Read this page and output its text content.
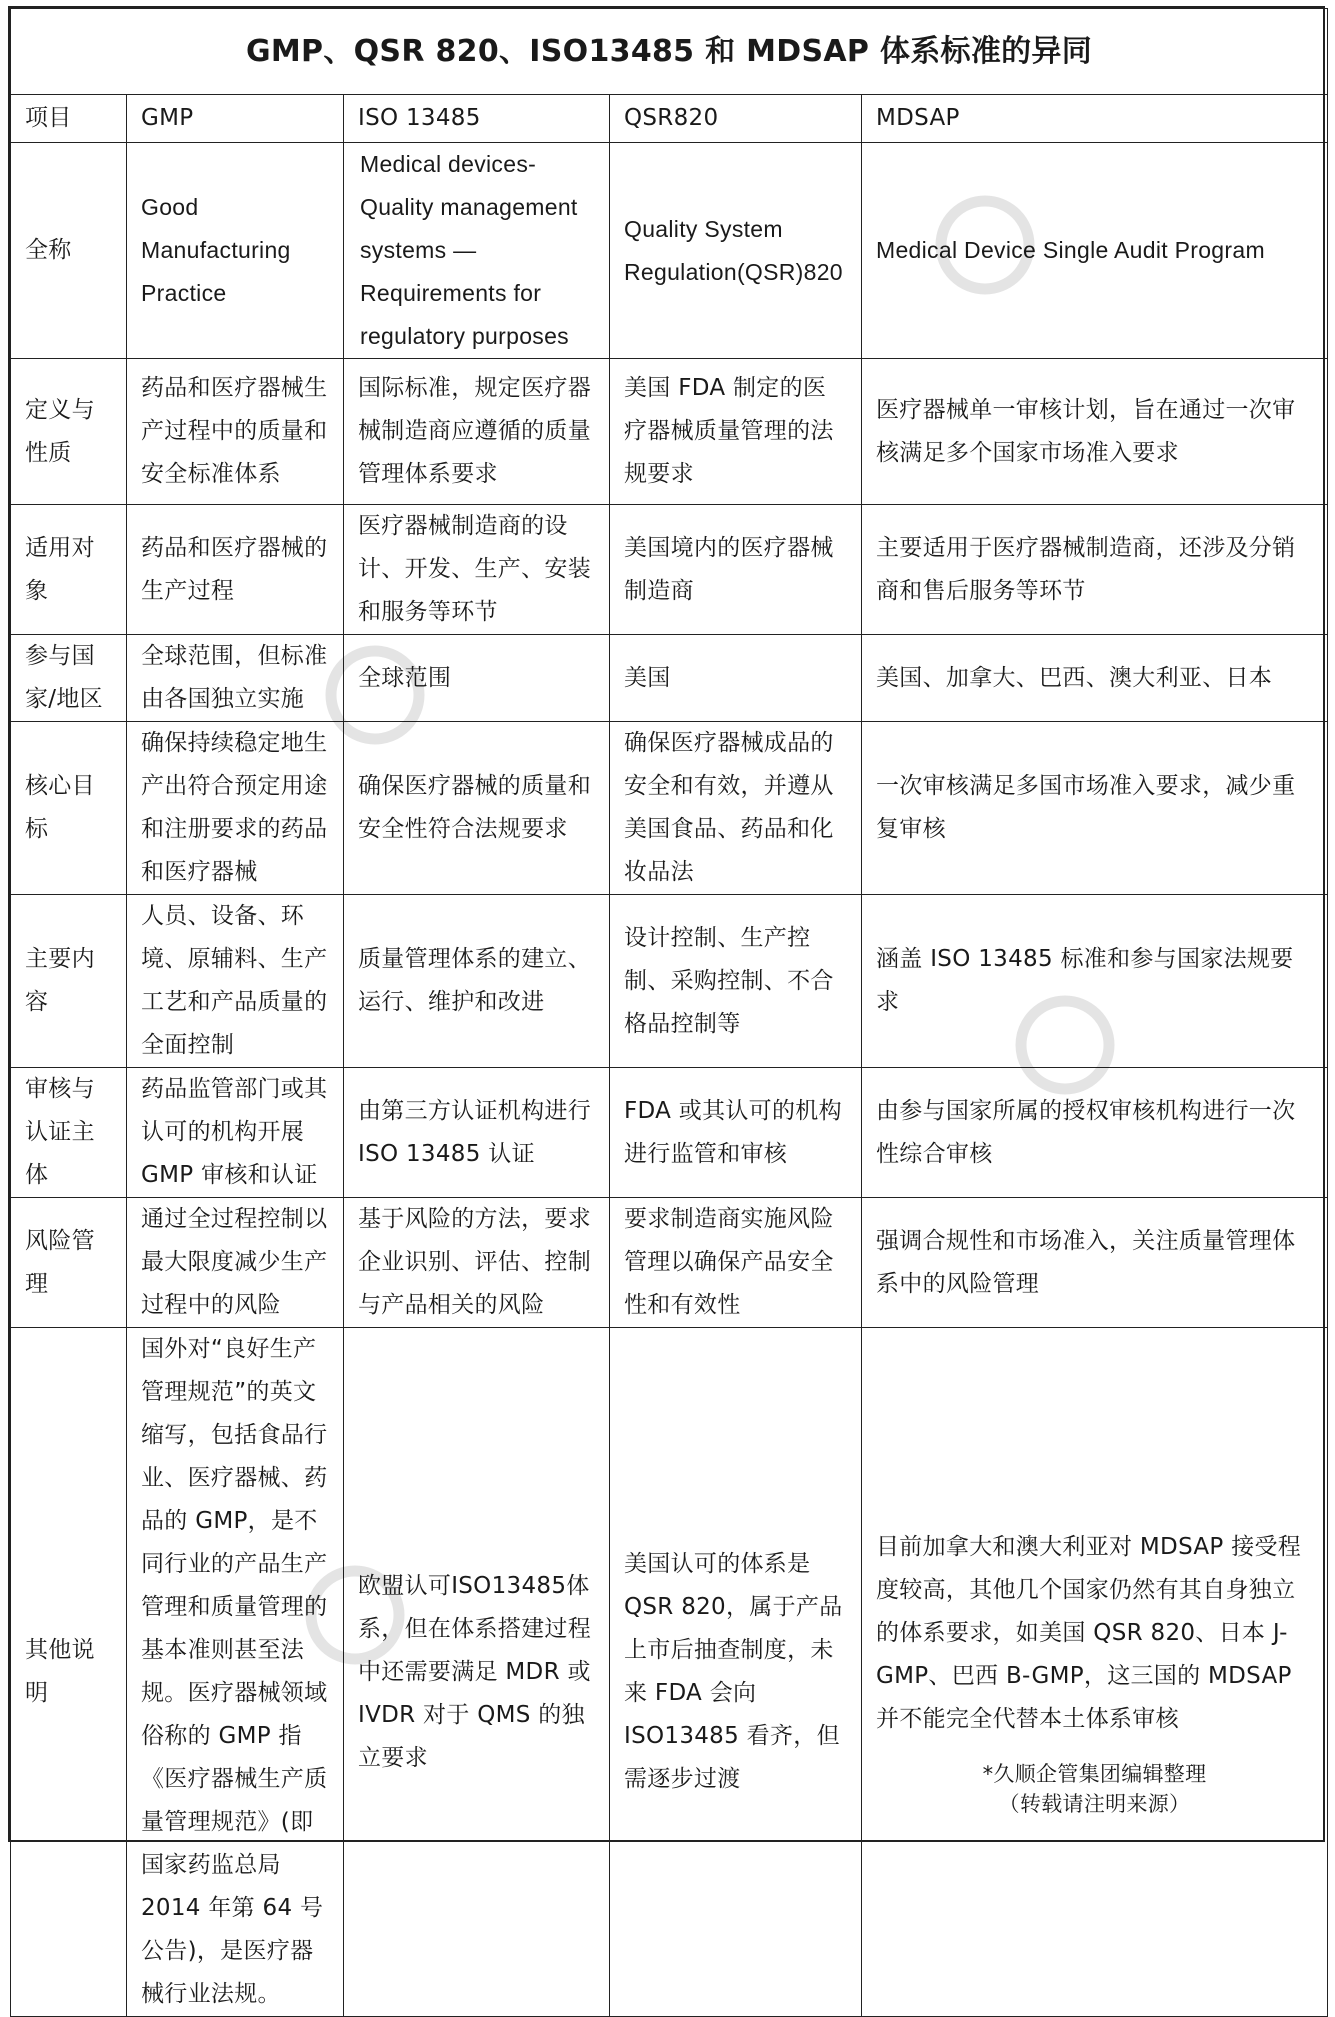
GMP、QSR 820、ISO13485 和 MDSAP 体系标准的异同				
项目	GMP	ISO 13485	QSR820	MDSAP
全称	Good Manufacturing Practice	Medical devices-Quality management systems —Requirements for regulatory purposes	Quality System Regulation(QSR)820	Medical Device Single Audit Program
定义与性质	药品和医疗器械生产过程中的质量和安全标准体系	国际标准，规定医疗器械制造商应遵循的质量管理体系要求	美国 FDA 制定的医疗器械质量管理的法规要求	医疗器械单一审核计划，旨在通过一次审核满足多个国家市场准入要求
适用对象	药品和医疗器械的生产过程	医疗器械制造商的设计、开发、生产、安装和服务等环节	美国境内的医疗器械制造商	主要适用于医疗器械制造商，还涉及分销商和售后服务等环节
参与国家/地区	全球范围，但标准由各国独立实施	全球范围	美国	美国、加拿大、巴西、澳大利亚、日本
核心目标	确保持续稳定地生产出符合预定用途和注册要求的药品和医疗器械	确保医疗器械的质量和安全性符合法规要求	确保医疗器械成品的安全和有效，并遵从美国食品、药品和化妆品法	一次审核满足多国市场准入要求，减少重复审核
主要内容	人员、设备、环境、原辅料、生产工艺和产品质量的全面控制	质量管理体系的建立、运行、维护和改进	设计控制、生产控制、采购控制、不合格品控制等	涵盖 ISO 13485 标准和参与国家法规要求
审核与认证主体	药品监管部门或其认可的机构开展 GMP 审核和认证	由第三方认证机构进行 ISO 13485 认证	FDA 或其认可的机构进行监管和审核	由参与国家所属的授权审核机构进行一次性综合审核
风险管理	通过全过程控制以最大限度减少生产过程中的风险	基于风险的方法，要求企业识别、评估、控制与产品相关的风险	要求制造商实施风险管理以确保产品安全性和有效性	强调合规性和市场准入，关注质量管理体系中的风险管理
其他说明	国外对“良好生产管理规范”的英文缩写，包括食品行业、医疗器械、药品的 GMP，是不同行业的产品生产管理和质量管理的基本准则甚至法规。医疗器械领域俗称的 GMP 指《医疗器械生产质量管理规范》(即国家药监总局 2014 年第 64 号公告)，是医疗器械行业法规。	欧盟认可ISO13485体系，但在体系搭建过程中还需要满足 MDR 或 IVDR 对于 QMS 的独立要求	美国认可的体系是 QSR 820，属于产品上市后抽查制度，未来 FDA 会向 ISO13485 看齐，但需逐步过渡	目前加拿大和澳大利亚对 MDSAP 接受程度较高，其他几个国家仍然有其自身独立的体系要求，如美国 QSR 820、日本 J-GMP、巴西 B-GMP，这三国的 MDSAP 并不能完全代替本土体系审核
*久顺企管集团编辑整理
（转载请注明来源）
